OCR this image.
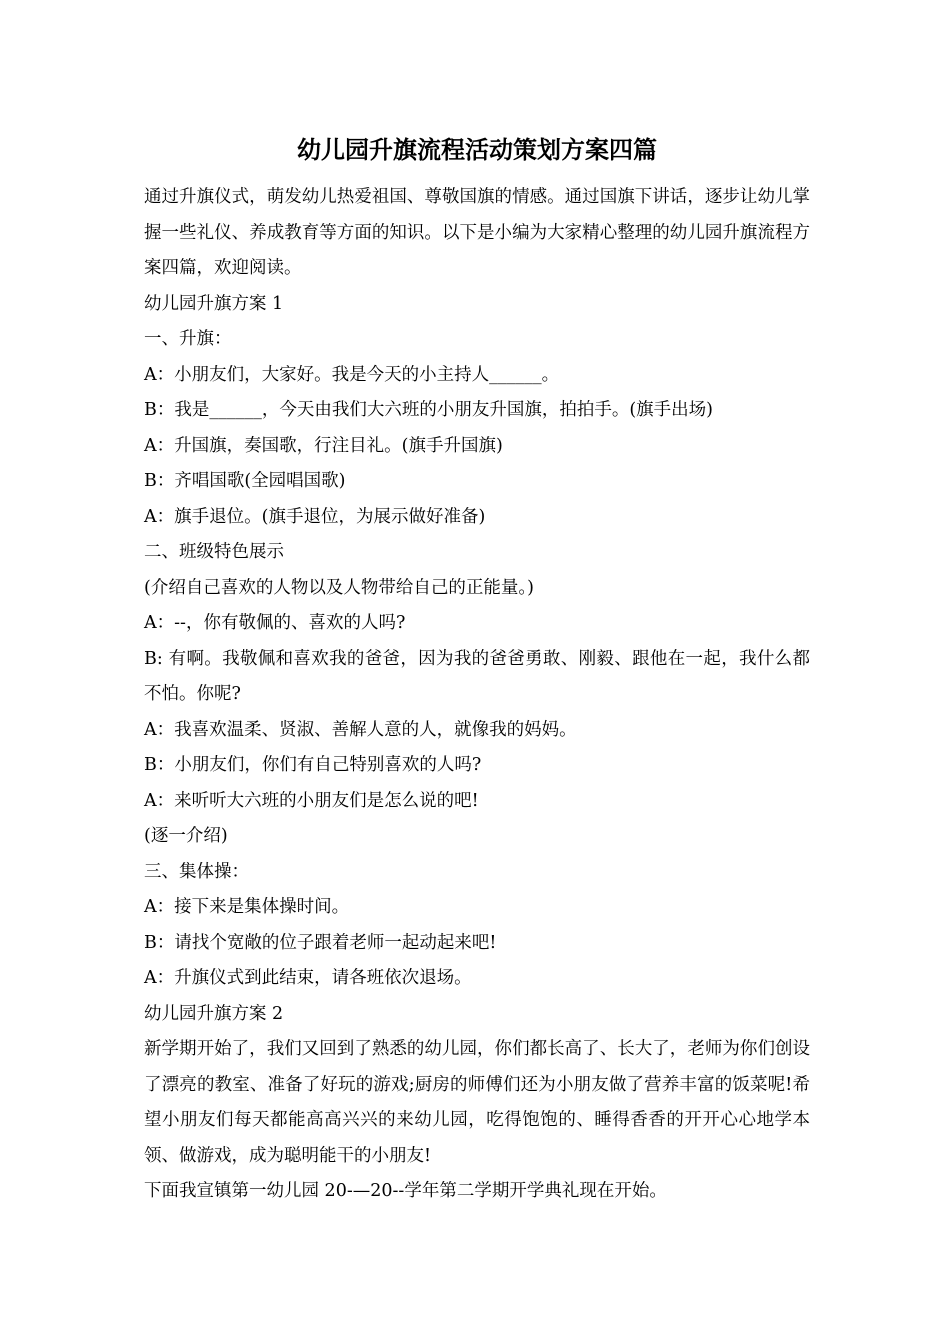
幼儿园升旗流程活动策划方案四篇

通过升旗仪式，萌发幼儿热爱祖国、尊敬国旗的情感。通过国旗下讲话，逐步让幼儿掌握一些礼仪、养成教育等方面的知识。以下是小编为大家精心整理的幼儿园升旗流程方案四篇，欢迎阅读。

幼儿园升旗方案 1

一、升旗：

A：小朋友们，大家好。我是今天的小主持人______。

B：我是______，今天由我们大六班的小朋友升国旗，拍拍手。(旗手出场)

A：升国旗，奏国歌，行注目礼。(旗手升国旗)

B：齐唱国歌(全园唱国歌)

A：旗手退位。(旗手退位，为展示做好准备)

二、班级特色展示

(介绍自己喜欢的人物以及人物带给自己的正能量。)

A：--，你有敬佩的、喜欢的人吗?

B: 有啊。我敬佩和喜欢我的爸爸，因为我的爸爸勇敢、刚毅、跟他在一起，我什么都不怕。你呢?

A：我喜欢温柔、贤淑、善解人意的人，就像我的妈妈。

B：小朋友们，你们有自己特别喜欢的人吗?

A：来听听大六班的小朋友们是怎么说的吧!

(逐一介绍)

三、集体操：

A：接下来是集体操时间。

B：请找个宽敞的位子跟着老师一起动起来吧!

A：升旗仪式到此结束，请各班依次退场。

幼儿园升旗方案 2

新学期开始了，我们又回到了熟悉的幼儿园，你们都长高了、长大了，老师为你们创设了漂亮的教室、准备了好玩的游戏;厨房的师傅们还为小朋友做了营养丰富的饭菜呢!希望小朋友们每天都能高高兴兴的来幼儿园，吃得饱饱的、睡得香香的开开心心地学本领、做游戏，成为聪明能干的小朋友!

下面我宣镇第一幼儿园 20-—20--学年第二学期开学典礼现在开始。
